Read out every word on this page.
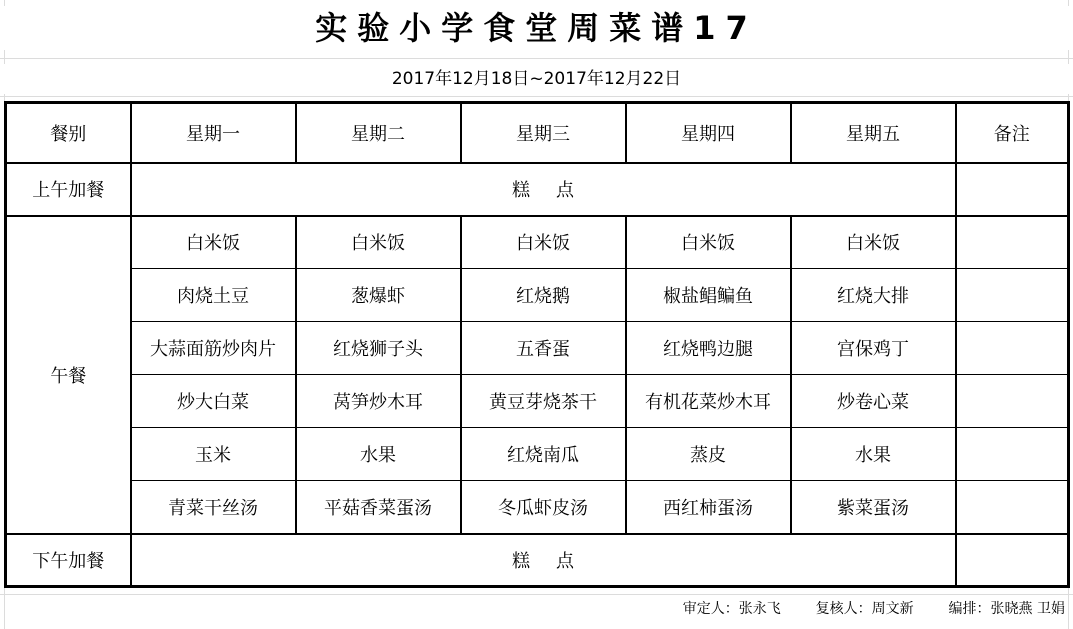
实验小学食堂周菜谱17
2017年12月18日~2017年12月22日
餐别	星期一	星期二	星期三	星期四	星期五	备注
上午加餐	糕点					
午餐	白米饭	白米饭	白米饭	白米饭	白米饭	
	肉烧土豆	葱爆虾	红烧鹅	椒盐鲳鳊鱼	红烧大排	
	大蒜面筋炒肉片	红烧狮子头	五香蛋	红烧鸭边腿	宫保鸡丁	
	炒大白菜	莴笋炒木耳	黄豆芽烧茶干	有机花菜炒木耳	炒卷心菜	
	玉米	水果	红烧南瓜	蒸皮	水果	
	青菜干丝汤	平菇香菜蛋汤	冬瓜虾皮汤	西红柿蛋汤	紫菜蛋汤	
下午加餐	糕点					
审定人：张永飞 复核人：周文新 编排：张晓燕 卫娟
